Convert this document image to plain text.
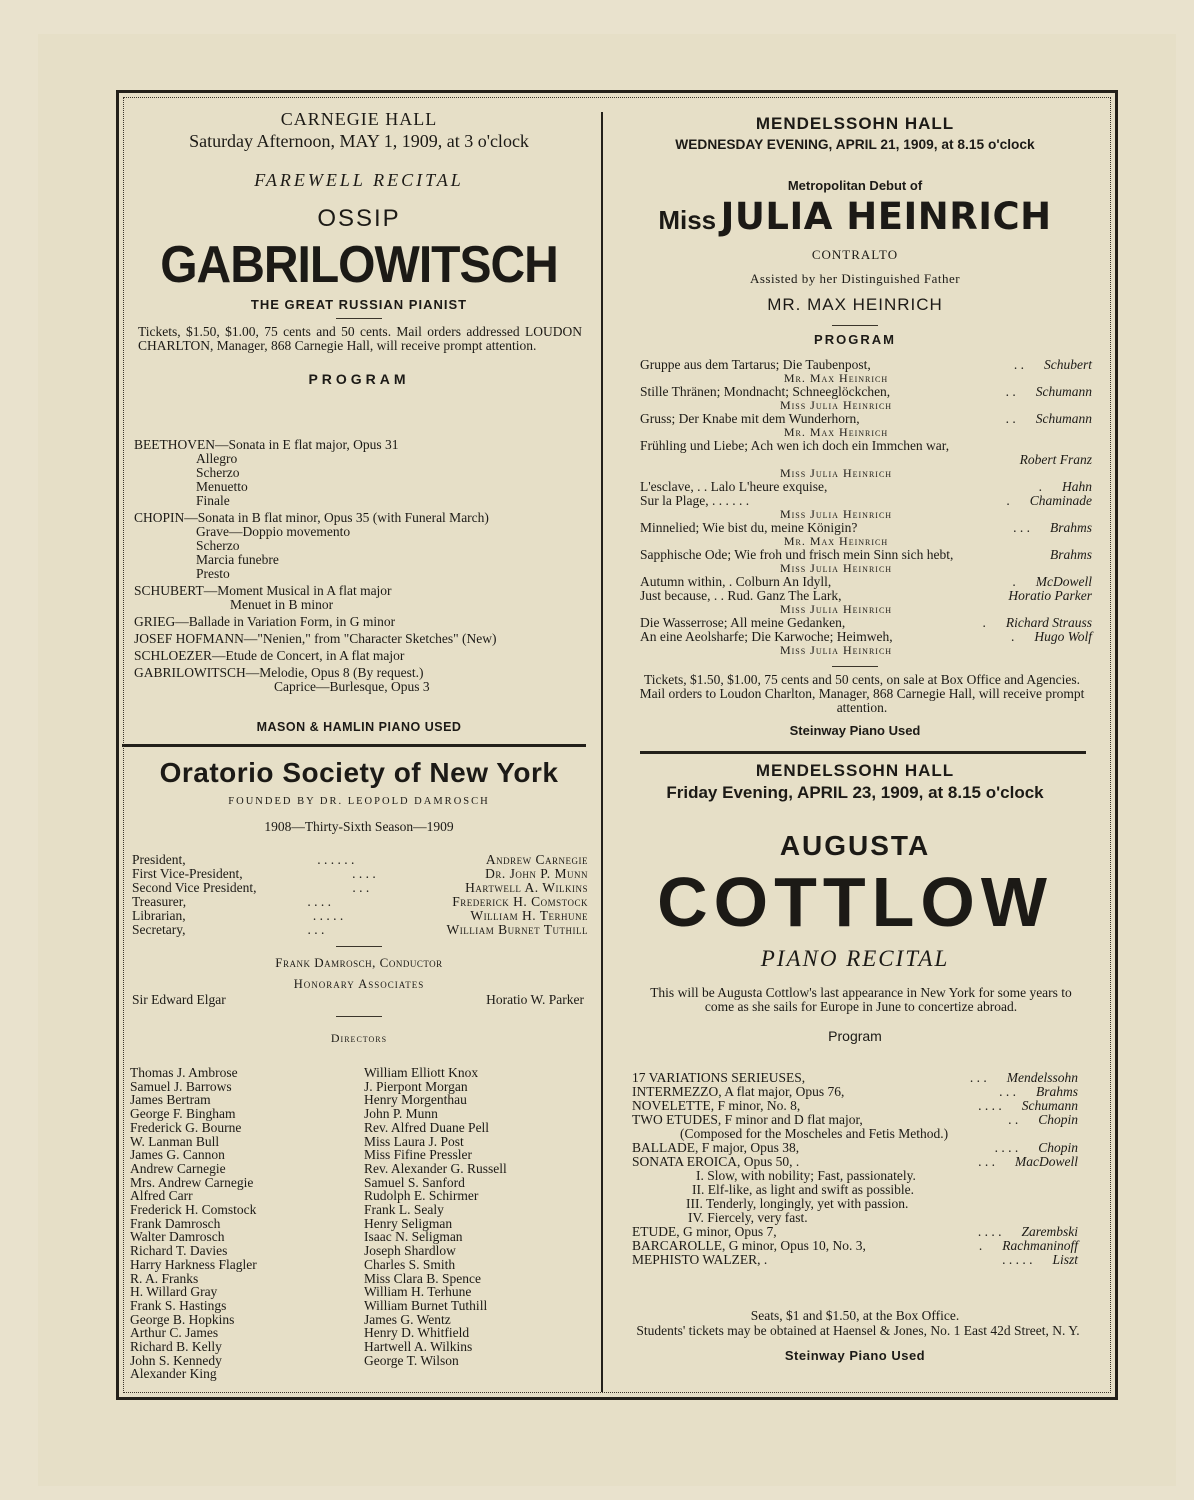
CARNEGIE HALL
Saturday Afternoon, MAY 1, 1909, at 3 o'clock
FAREWELL RECITAL
OSSIP
GABRILOWITSCH
THE GREAT RUSSIAN PIANIST
Tickets, $1.50, $1.00, 75 cents and 50 cents. Mail orders addressed LOUDON CHARLTON, Manager, 868 Carnegie Hall, will receive prompt attention.
PROGRAM
BEETHOVEN—Sonata in E flat major, Opus 31
Allegro
Scherzo
Menuetto
Finale
CHOPIN—Sonata in B flat minor, Opus 35 (with Funeral March)
Grave—Doppio movemento
Scherzo
Marcia funebre
Presto
SCHUBERT—Moment Musical in A flat major
Menuet in B minor
GRIEG—Ballade in Variation Form, in G minor
JOSEF HOFMANN—"Nenien," from "Character Sketches" (New)
SCHLOEZER—Etude de Concert, in A flat major
GABRILOWITSCH—Melodie, Opus 8 (By request.)
Caprice—Burlesque, Opus 3
MASON & HAMLIN PIANO USED
Oratorio Society of New York
FOUNDED BY DR. LEOPOLD DAMROSCH
1908—Thirty-Sixth Season—1909
President,	. . . . . .	Andrew Carnegie
First Vice-President,	. . . .	Dr. John P. Munn
Second Vice President,	. . .	Hartwell A. Wilkins
Treasurer,	. . . .	Frederick H. Comstock
Librarian,	. . . . .	William H. Terhune
Secretary,	. . .	William Burnet Tuthill
Frank Damrosch, Conductor
Honorary Associates
Sir Edward Elgar	Horatio W. Parker
Directors
Thomas J. Ambrose
Samuel J. Barrows
James Bertram
George F. Bingham
Frederick G. Bourne
W. Lanman Bull
James G. Cannon
Andrew Carnegie
Mrs. Andrew Carnegie
Alfred Carr
Frederick H. Comstock
Frank Damrosch
Walter Damrosch
Richard T. Davies
Harry Harkness Flagler
R. A. Franks
H. Willard Gray
Frank S. Hastings
George B. Hopkins
Arthur C. James
Richard B. Kelly
John S. Kennedy
Alexander King
William Elliott Knox
J. Pierpont Morgan
Henry Morgenthau
John P. Munn
Rev. Alfred Duane Pell
Miss Laura J. Post
Miss Fifine Pressler
Rev. Alexander G. Russell
Samuel S. Sanford
Rudolph E. Schirmer
Frank L. Sealy
Henry Seligman
Isaac N. Seligman
Joseph Shardlow
Charles S. Smith
Miss Clara B. Spence
William H. Terhune
William Burnet Tuthill
James G. Wentz
Henry D. Whitfield
Hartwell A. Wilkins
George T. Wilson
MENDELSSOHN HALL
WEDNESDAY EVENING, APRIL 21, 1909, at 8.15 o'clock
Metropolitan Debut of
Miss JULIA HEINRICH
CONTRALTO
Assisted by her Distinguished Father
MR. MAX HEINRICH
PROGRAM
Gruppe aus dem Tartarus; Die Taubenpost,	. . Schubert
Mr. Max Heinrich
Stille Thränen; Mondnacht; Schneeglöckchen,	. . Schumann
Miss Julia Heinrich
Gruss; Der Knabe mit dem Wunderhorn,	. . Schumann
Mr. Max Heinrich
Frühling und Liebe; Ach wen ich doch ein Immchen war,
Robert Franz
Miss Julia Heinrich
L'esclave, . . Lalo L'heure exquise,	. Hahn
Sur la Plage, . . . . . .	. Chaminade
Miss Julia Heinrich
Minnelied; Wie bist du, meine Königin?	. . . Brahms
Mr. Max Heinrich
Sapphische Ode; Wie froh und frisch mein Sinn sich hebt,	Brahms
Miss Julia Heinrich
Autumn within, . Colburn An Idyll,	. McDowell
Just because, . . Rud. Ganz The Lark,	Horatio Parker
Miss Julia Heinrich
Die Wasserrose; All meine Gedanken,	. Richard Strauss
An eine Aeolsharfe; Die Karwoche; Heimweh,	. Hugo Wolf
Miss Julia Heinrich
Tickets, $1.50, $1.00, 75 cents and 50 cents, on sale at Box Office and Agencies. Mail orders to Loudon Charlton, Manager, 868 Carnegie Hall, will receive prompt attention.
Steinway Piano Used
MENDELSSOHN HALL
Friday Evening, APRIL 23, 1909, at 8.15 o'clock
AUGUSTA
COTTLOW
PIANO RECITAL
This will be Augusta Cottlow's last appearance in New York for some years to come as she sails for Europe in June to concertize abroad.
Program
17 VARIATIONS SERIEUSES,	. . . Mendelssohn
INTERMEZZO, A flat major, Opus 76,	. . . Brahms
NOVELETTE, F minor, No. 8,	. . . . Schumann
TWO ETUDES, F minor and D flat major,	. . Chopin
(Composed for the Moscheles and Fetis Method.)
BALLADE, F major, Opus 38,	. . . . Chopin
SONATA EROICA, Opus 50, .	. . . MacDowell
I. Slow, with nobility; Fast, passionately.
II. Elf-like, as light and swift as possible.
III. Tenderly, longingly, yet with passion.
IV. Fiercely, very fast.
ETUDE, G minor, Opus 7,	. . . . Zarembski
BARCAROLLE, G minor, Opus 10, No. 3,	. Rachmaninoff
MEPHISTO WALZER, .	. . . . . Liszt
Seats, $1 and $1.50, at the Box Office.
Students' tickets may be obtained at Haensel & Jones, No. 1 East 42d Street, N. Y.
Steinway Piano Used
